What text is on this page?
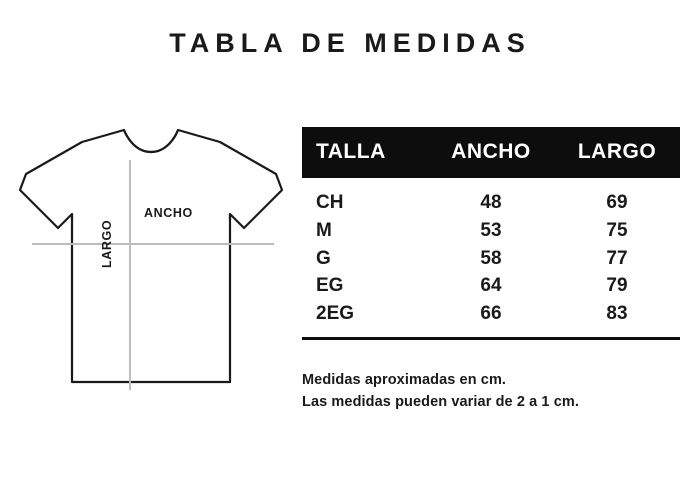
TABLA DE MEDIDAS
ANCHO
LARGO
TALLA	ANCHO	LARGO
CH	48	69
M	53	75
G	58	77
EG	64	79
2EG	66	83
Medidas aproximadas en cm.
Las medidas pueden variar de 2 a 1 cm.
